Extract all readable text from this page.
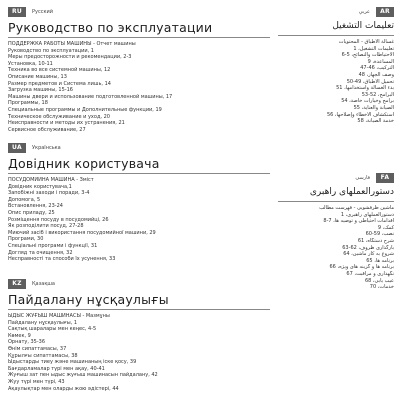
RU	Русский
Руководство по эксплуатации
ПОДДЕРЖКА РАБОТЫ МАШИНЫ - Отчет машины
Руководство по эксплуатации, 1
Меры предосторожности и рекомендации, 2-3
Установка, 10-11
Техника во все системной машины, 12
Описание машины, 13
Размер предметов и Система лишь, 14
Загрузка машины, 15-16
Машины двери и использование подготовленной машины, 17
Программы, 18
Специальные программы и Дополнительные функции, 19
Техническое обслуживание и уход, 20
Неисправности и методы их устранения, 21
Сервисное обслуживание, 27
UA	Українська
Довідник користувача
ПОСУДОМИЙНА МАШИНА - Зміст
Довідник користувача,1
Запобіжні заходи і поради, 3-4
Допомога, 5
Встановлення, 23-24
Опис приладу, 25
Розміщення посуду в посудомийці, 26
Як розподілити посуд, 27-28
Миючий засіб і використання посудомийної машини, 29
Програми, 30
Спеціальні програми і функції, 31
Догляд та очищення, 32
Несправності та способи їх усунення, 33
KZ	Қазақша
Пайдалану нұсқаулығы
ЫДЫС ЖУҒЫШ МАШИНАСЫ - Мазмұны
Пайдалану нұсқаулығы, 1
Сақтық шаралары мен кеңес, 4-5
Көмек, 9
Орнату, 35-36
Өнім сипаттамасы, 37
Құрылғы сипаттамасы, 38
Ыдыстарды тиеу және машинаның іске қосу, 39
Бағдарламалар түрі мен ақау, 40-41
Жуғыш зат пен ыдыс жуғыш машинасын пайдалану, 42
Жуу түрі мен түрі, 43
Ақаулықтар мен оларды жою әдістері, 44
عربي	AR
تعليمات التشغيل
غسالة الأطباق - المحتويات
تعليمات التشغيل، 1
الاحتياطات والنصائح، 5-6
المساعدة، 9
التركيب، 46-47
وصف الجهاز، 48
تحميل الأطباق، 49-50
بدء الغسالة واستخدامها، 51
البرامج، 52-53
برامج وخيارات خاصة، 54
الصيانة والعناية، 55
استكشاف الأخطاء وإصلاحها، 56
خدمة الصيانة، 58
فارسی	FA
دستورالعملهای راهبری
ماشین ظرفشویی - فهرست مطالب
دستورالعملهای راهبری، 1
اقدامات احتیاطی و توصیه ها، 7-8
کمک، 9
نصب، 59-60
شرح دستگاه، 61
بارگذاری ظروف، 62-63
شروع به کار ماشین، 64
برنامه ها، 65
برنامه ها و گزینه های ویژه، 66
نگهداری و مراقبت، 67
عیب یابی، 68
خدمات، 70
